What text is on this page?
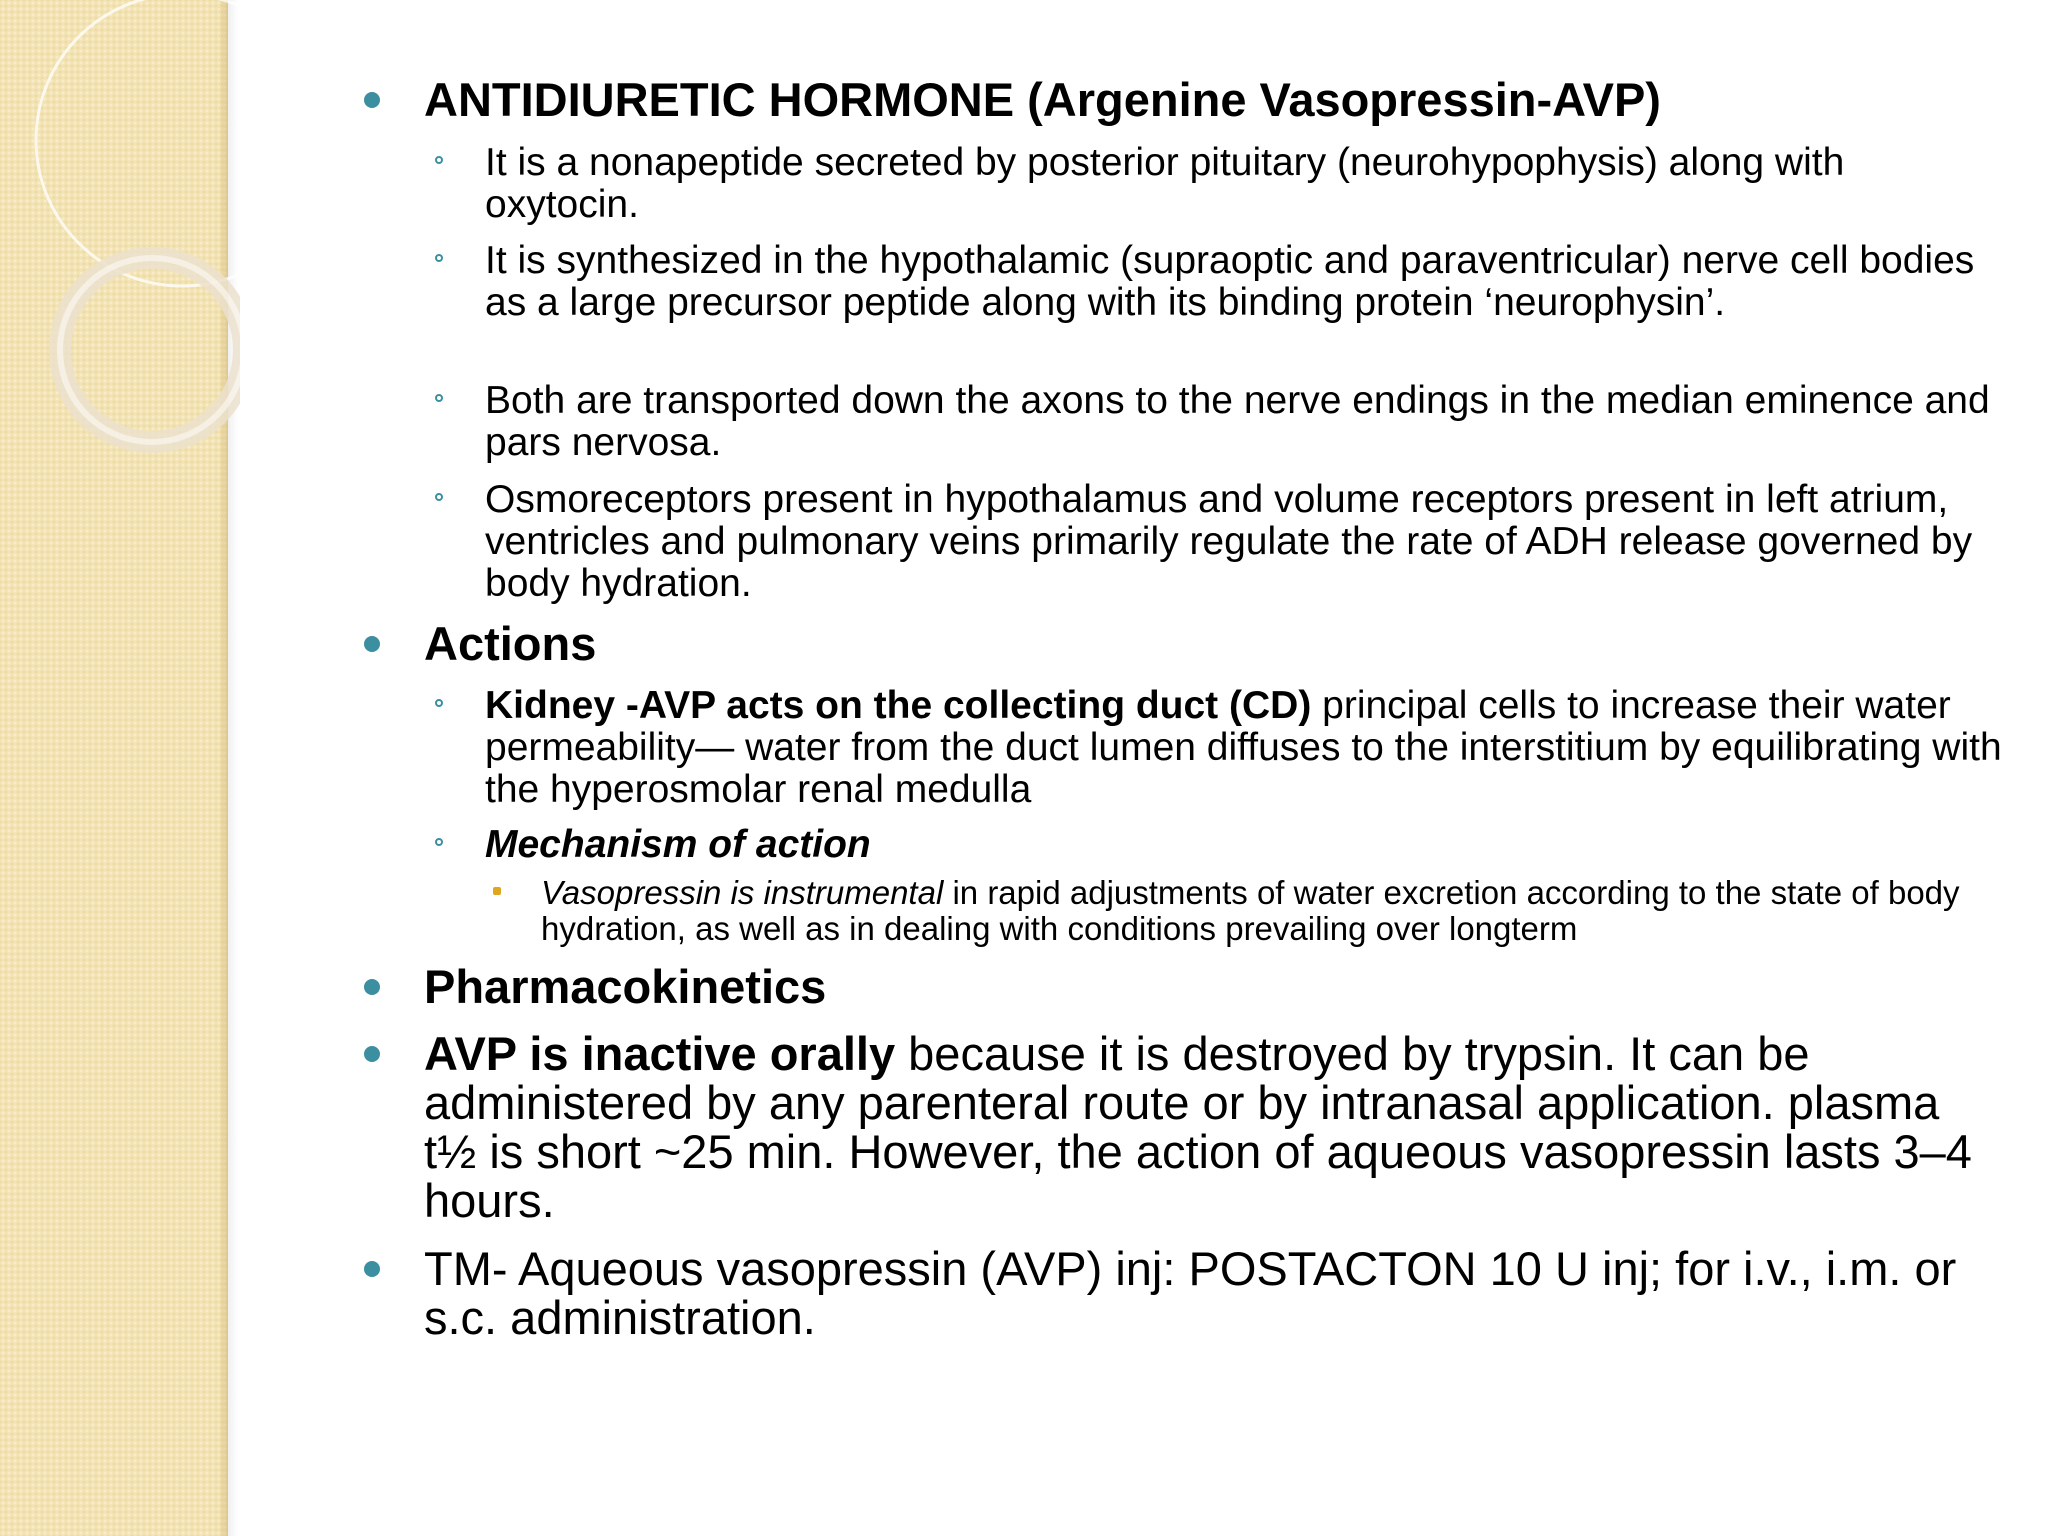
ANTIDIURETIC HORMONE (Argenine Vasopressin-AVP)
It is a nonapeptide secreted by posterior pituitary (neurohypophysis) along with oxytocin.
It is synthesized in the hypothalamic (supraoptic and paraventricular) nerve cell bodies as a large precursor peptide along with its binding protein ‘neurophysin’.
Both are transported down the axons to the nerve endings in the median eminence and pars nervosa.
Osmoreceptors present in hypothalamus and volume receptors present in left atrium, ventricles and pulmonary veins primarily regulate the rate of ADH release governed by body hydration.
Actions
Kidney -AVP acts on the collecting duct (CD) principal cells to increase their water permeability— water from the duct lumen diffuses to the interstitium by equilibrating with the hyperosmolar renal medulla
Mechanism of action
Vasopressin is instrumental in rapid adjustments of water excretion according to the state of body hydration, as well as in dealing with conditions prevailing over longterm
Pharmacokinetics
AVP is inactive orally because it is destroyed by trypsin. It can be administered by any parenteral route or by intranasal application. plasma t½ is short ~25 min. However, the action of aqueous vasopressin lasts 3–4 hours.
TM- Aqueous vasopressin (AVP) inj: POSTACTON 10 U inj; for i.v., i.m. or s.c. administration.
